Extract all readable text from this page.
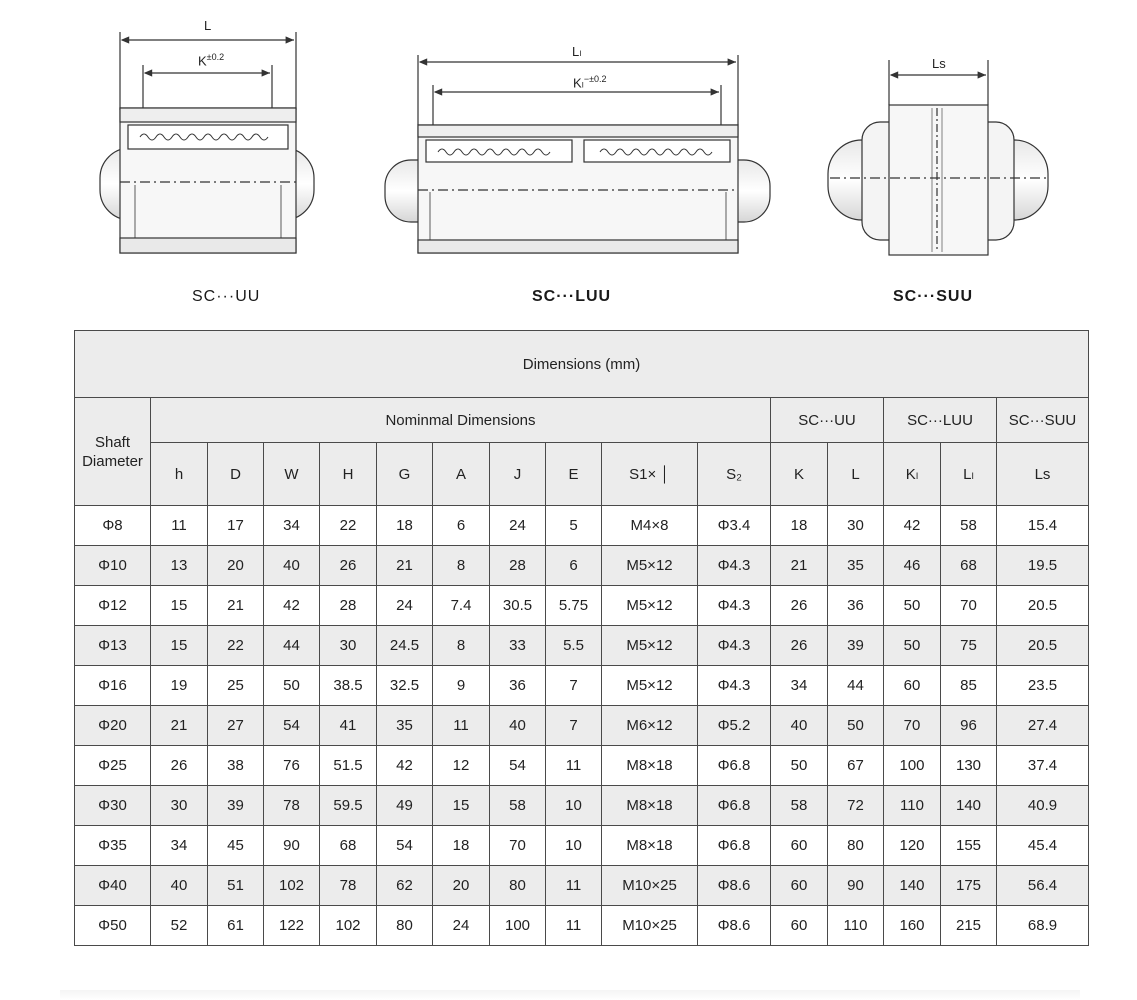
L
$K^{\pm 0.2}$	Lₗ
Kₗ$^{-\pm 0.2}$
Ls
SC···UU	SC···LUU	SC···SUU
Dimensions (mm)															
Shaft Diameter	Nominmal Dimensions										SC···UU		SC···LUU		SC···SUU
	h	D	W	H	G	A	J	E	S1× │	S₂	K	L	Kₗ	Lₗ	Ls
Φ8	11	17	34	22	18	6	24	5	M4×8	Φ3.4	18	30	42	58	15.4
Φ10	13	20	40	26	21	8	28	6	M5×12	Φ4.3	21	35	46	68	19.5
Φ12	15	21	42	28	24	7.4	30.5	5.75	M5×12	Φ4.3	26	36	50	70	20.5
Φ13	15	22	44	30	24.5	8	33	5.5	M5×12	Φ4.3	26	39	50	75	20.5
Φ16	19	25	50	38.5	32.5	9	36	7	M5×12	Φ4.3	34	44	60	85	23.5
Φ20	21	27	54	41	35	11	40	7	M6×12	Φ5.2	40	50	70	96	27.4
Φ25	26	38	76	51.5	42	12	54	11	M8×18	Φ6.8	50	67	100	130	37.4
Φ30	30	39	78	59.5	49	15	58	10	M8×18	Φ6.8	58	72	110	140	40.9
Φ35	34	45	90	68	54	18	70	10	M8×18	Φ6.8	60	80	120	155	45.4
Φ40	40	51	102	78	62	20	80	11	M10×25	Φ8.6	60	90	140	175	56.4
Φ50	52	61	122	102	80	24	100	11	M10×25	Φ8.6	60	110	160	215	68.9
